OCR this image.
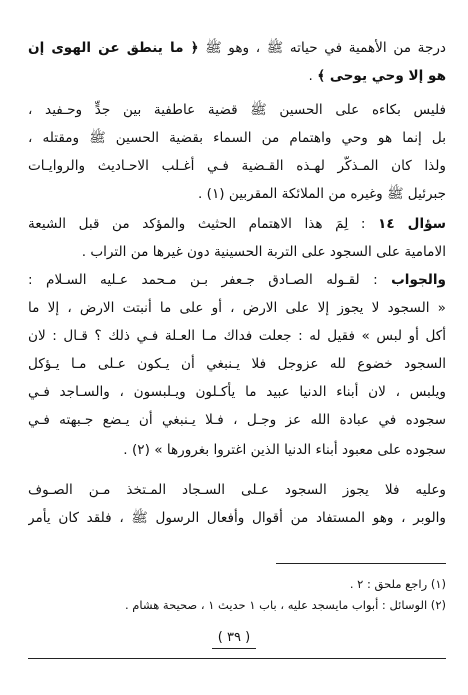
درجة من الأهمية في حياته ﷺ ، وهو ﷺ ﴿ ما ينطق عن الهوى إن
هو إلا وحي يوحى ﴾ .
فليس بكاءه على الحسين ﷺ قضية عاطفية بين جدٍّ وحـفيد ،
بل إنما هو وحي واهتمام من السماء بقضية الحسين ﷺ ومقتله ،
ولذا كان المـذكّر لهـذه القـضية فـي أغـلب الاحـاديث والروايـات
جبرئيل ﷺ وغيره من الملائكة المقربين (١) .
سؤال ١٤ : لِمَ هذا الاهتمام الحثيث والمؤكد من قبل الشيعة
الامامية على السجود على التربة الحسينية دون غيرها من التراب .
والجواب : لقـوله الصـادق جـعفر بـن مـحمد عـليه السـلام :
« السجود لا يجوز إلا على الارض ، أو على ما أنبتت الارض ، إلا ما
أكل أو لبس » فقيل له : جعلت فداك مـا العـلة فـي ذلك ؟ قـال : لان
السجود خضوع لله عزوجل فلا يـنبغي أن يـكون عـلى مـا يـؤكل
ويلبس ، لان أبناء الدنيا عبيد ما يأكـلون ويـلبسون ، والسـاجد فـي
سجوده في عبادة الله عز وجـل ، فـلا يـنبغي أن يـضع جـبهته فـي
سجوده على معبود أبناء الدنيا الذين اغتروا بغرورها » (٢) .
وعليه فلا يجوز السجود عـلى السـجاد المـتخذ مـن الصـوف
والوبر ، وهو المستفاد من أقوال وأفعال الرسول ﷺ ، فلقد كان يأمر
(١) راجع ملحق : ٢ .
(٢) الوسائل : أبواب مايسجد عليه ، باب ١ حديث ١ ، صحيحة هشام .
( ٣٩ )
